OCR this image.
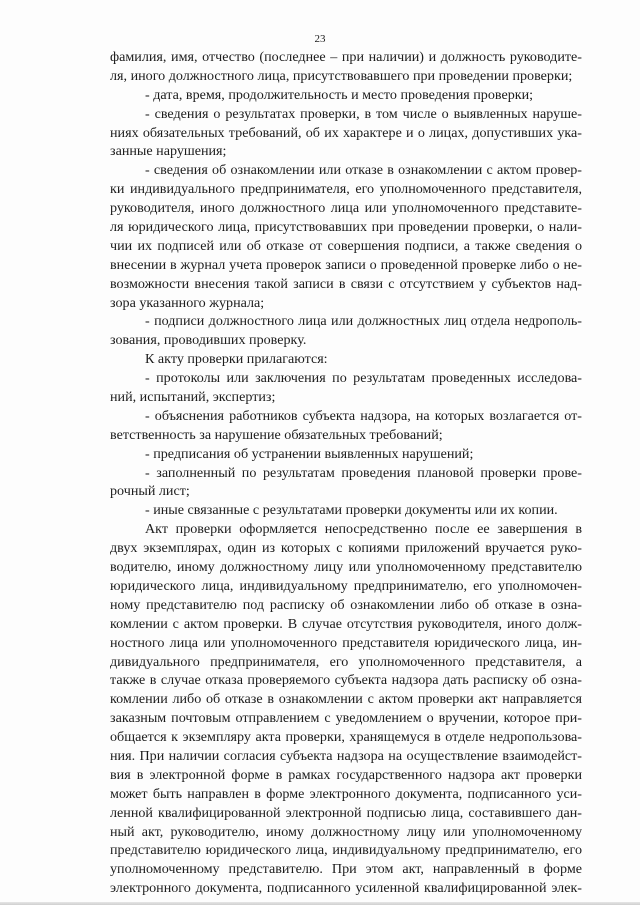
23
фамилия, имя, отчество (последнее – при наличии) и должность руководите-
ля, иного должностного лица, присутствовавшего при проведении проверки;
- дата, время, продолжительность и место проведения проверки;
- сведения о результатах проверки, в том числе о выявленных наруше-
ниях обязательных требований, об их характере и о лицах, допустивших ука-
занные нарушения;
- сведения об ознакомлении или отказе в ознакомлении с актом провер-
ки индивидуального предпринимателя, его уполномоченного представителя,
руководителя, иного должностного лица или уполномоченного представите-
ля юридического лица, присутствовавших при проведении проверки, о нали-
чии их подписей или об отказе от совершения подписи, а также сведения о
внесении в журнал учета проверок записи о проведенной проверке либо о не-
возможности внесения такой записи в связи с отсутствием у субъектов над-
зора указанного журнала;
- подписи должностного лица или должностных лиц отдела недрополь-
зования, проводивших проверку.
К акту проверки прилагаются:
- протоколы или заключения по результатам проведенных исследова-
ний, испытаний, экспертиз;
- объяснения работников субъекта надзора, на которых возлагается от-
ветственность за нарушение обязательных требований;
- предписания об устранении выявленных нарушений;
- заполненный по результатам проведения плановой проверки прове-
рочный лист;
- иные связанные с результатами проверки документы или их копии.
Акт проверки оформляется непосредственно после ее завершения в
двух экземплярах, один из которых с копиями приложений вручается руко-
водителю, иному должностному лицу или уполномоченному представителю
юридического лица, индивидуальному предпринимателю, его уполномочен-
ному представителю под расписку об ознакомлении либо об отказе в озна-
комлении с актом проверки. В случае отсутствия руководителя, иного долж-
ностного лица или уполномоченного представителя юридического лица, ин-
дивидуального предпринимателя, его уполномоченного представителя, а
также в случае отказа проверяемого субъекта надзора дать расписку об озна-
комлении либо об отказе в ознакомлении с актом проверки акт направляется
заказным почтовым отправлением с уведомлением о вручении, которое при-
общается к экземпляру акта проверки, хранящемуся в отделе недропользова-
ния. При наличии согласия субъекта надзора на осуществление взаимодейст-
вия в электронной форме в рамках государственного надзора акт проверки
может быть направлен в форме электронного документа, подписанного уси-
ленной квалифицированной электронной подписью лица, составившего дан-
ный акт, руководителю, иному должностному лицу или уполномоченному
представителю юридического лица, индивидуальному предпринимателю, его
уполномоченному представителю. При этом акт, направленный в форме
электронного документа, подписанного усиленной квалифицированной элек-
